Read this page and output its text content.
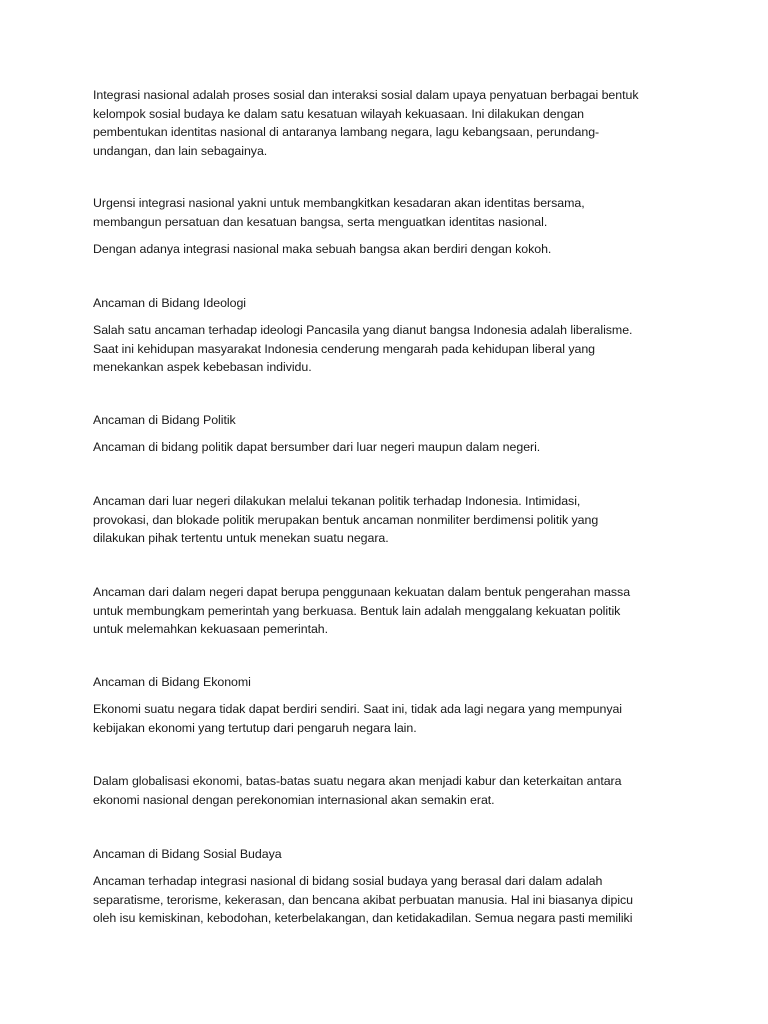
Integrasi nasional adalah proses sosial dan interaksi sosial dalam upaya penyatuan berbagai bentuk
kelompok sosial budaya ke dalam satu kesatuan wilayah kekuasaan. Ini dilakukan dengan
pembentukan identitas nasional di antaranya lambang negara, lagu kebangsaan, perundang-
undangan, dan lain sebagainya.

Urgensi integrasi nasional yakni untuk membangkitkan kesadaran akan identitas bersama,
membangun persatuan dan kesatuan bangsa, serta menguatkan identitas nasional.

Dengan adanya integrasi nasional maka sebuah bangsa akan berdiri dengan kokoh.

Ancaman di Bidang Ideologi

Salah satu ancaman terhadap ideologi Pancasila yang dianut bangsa Indonesia adalah liberalisme.
Saat ini kehidupan masyarakat Indonesia cenderung mengarah pada kehidupan liberal yang
menekankan aspek kebebasan individu.

Ancaman di Bidang Politik

Ancaman di bidang politik dapat bersumber dari luar negeri maupun dalam negeri.

Ancaman dari luar negeri dilakukan melalui tekanan politik terhadap Indonesia. Intimidasi,
provokasi, dan blokade politik merupakan bentuk ancaman nonmiliter berdimensi politik yang
dilakukan pihak tertentu untuk menekan suatu negara.

Ancaman dari dalam negeri dapat berupa penggunaan kekuatan dalam bentuk pengerahan massa
untuk membungkam pemerintah yang berkuasa. Bentuk lain adalah menggalang kekuatan politik
untuk melemahkan kekuasaan pemerintah.

Ancaman di Bidang Ekonomi

Ekonomi suatu negara tidak dapat berdiri sendiri. Saat ini, tidak ada lagi negara yang mempunyai
kebijakan ekonomi yang tertutup dari pengaruh negara lain.

Dalam globalisasi ekonomi, batas-batas suatu negara akan menjadi kabur dan keterkaitan antara
ekonomi nasional dengan perekonomian internasional akan semakin erat.

Ancaman di Bidang Sosial Budaya

Ancaman terhadap integrasi nasional di bidang sosial budaya yang berasal dari dalam adalah
separatisme, terorisme, kekerasan, dan bencana akibat perbuatan manusia. Hal ini biasanya dipicu
oleh isu kemiskinan, kebodohan, keterbelakangan, dan ketidakadilan. Semua negara pasti memiliki
